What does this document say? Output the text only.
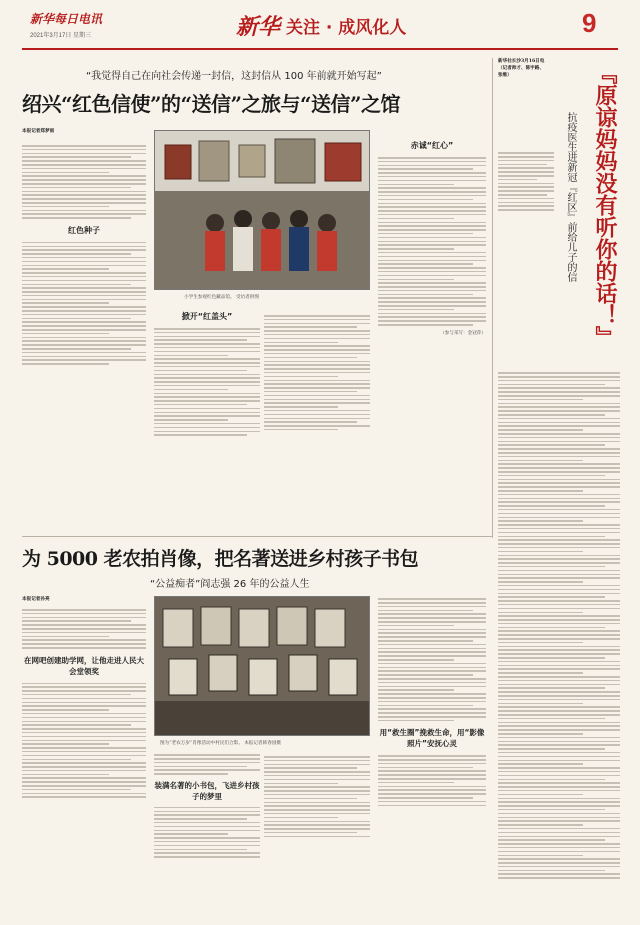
新华每日电讯
2021年3月17日 星期三	新华 关注 · 成风化人	9
“我觉得自己在向社会传递一封信，这封信从 100 年前就开始写起”
绍兴“红色信使”的“送信”之旅与“送信”之馆
本报记者郑梦雨
红色种子
小学生参观红色藏品馆。 受访者供图
掀开“红盖头”
赤诚“红心”
（参与采写：金冠萍）
新华社长沙3月16日电（记者帅才、陈宇路、张维）	『原谅妈妈没有听你的话！』
抗疫医生进新冠『红区』前给儿子的信
为 5000 老农拍肖像，把名著送进乡村孩子书包
“公益痴者”阎志强 26 年的公益人生
本报记者孙亮
在网吧创建助学网，让他走进人民大会堂领奖
图为“老农万岁”肖像活动中村民们合影。 本报记者韩春园摄
装满名著的小书包，飞进乡村孩子的梦里
用“救生圈”挽救生命，用“影像照片”安抚心灵
